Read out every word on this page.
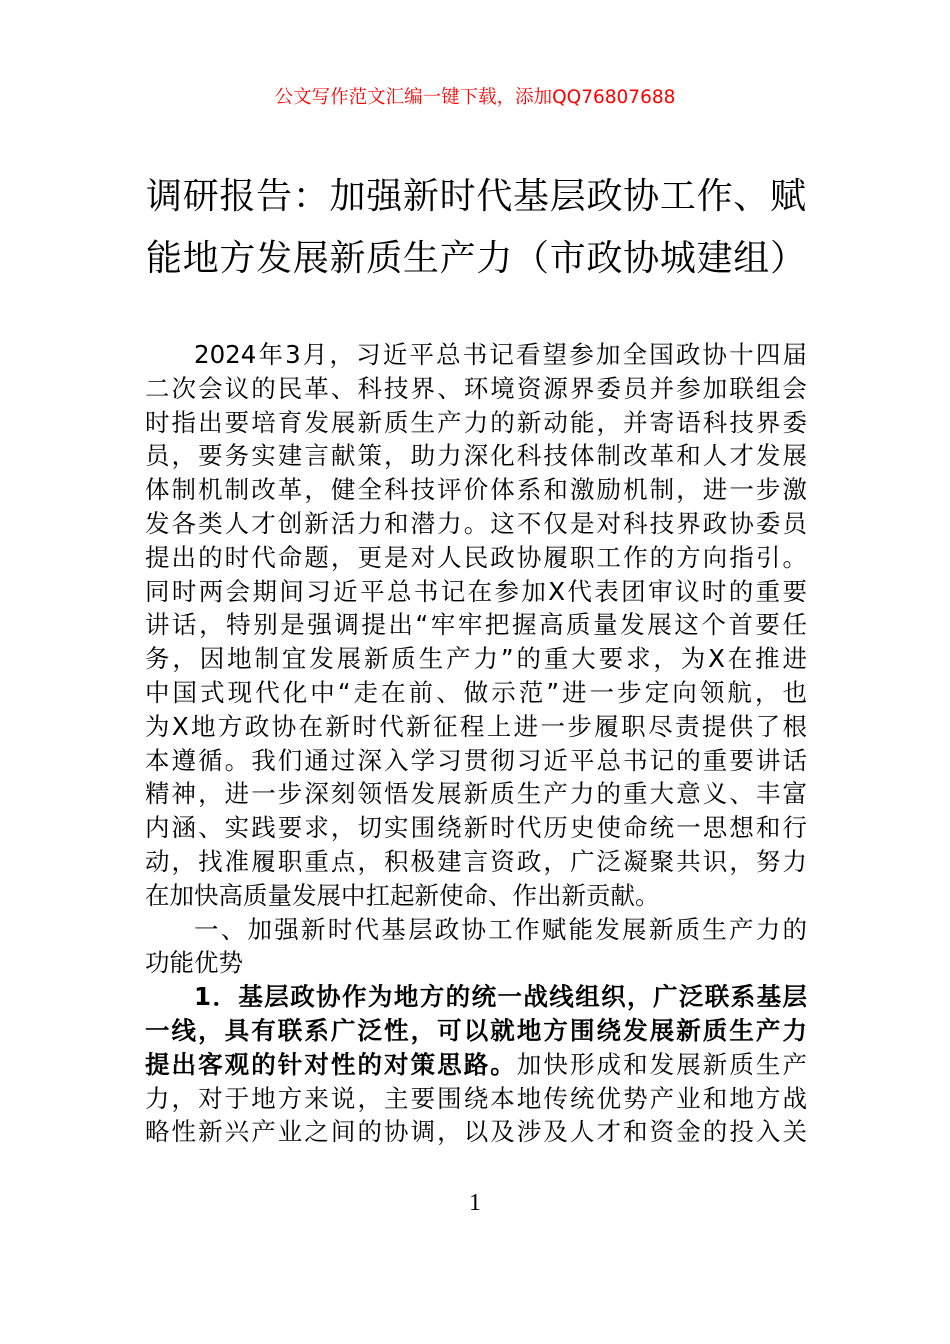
公文写作范文汇编一键下载，添加QQ76807688
调研报告：加强新时代基层政协工作、赋
能地方发展新质生产力（市政协城建组）
2024年3月，习近平总书记看望参加全国政协十四届
二次会议的民革、科技界、环境资源界委员并参加联组会
时指出要培育发展新质生产力的新动能，并寄语科技界委
员，要务实建言献策，助力深化科技体制改革和人才发展
体制机制改革，健全科技评价体系和激励机制，进一步激
发各类人才创新活力和潜力。这不仅是对科技界政协委员
提出的时代命题，更是对人民政协履职工作的方向指引。
同时两会期间习近平总书记在参加X代表团审议时的重要
讲话，特别是强调提出“牢牢把握高质量发展这个首要任
务，因地制宜发展新质生产力”的重大要求，为X在推进
中国式现代化中“走在前、做示范”进一步定向领航，也
为X地方政协在新时代新征程上进一步履职尽责提供了根
本遵循。我们通过深入学习贯彻习近平总书记的重要讲话
精神，进一步深刻领悟发展新质生产力的重大意义、丰富
内涵、实践要求，切实围绕新时代历史使命统一思想和行
动，找准履职重点，积极建言资政，广泛凝聚共识，努力
在加快高质量发展中扛起新使命、作出新贡献。
一、加强新时代基层政协工作赋能发展新质生产力的
功能优势
1．基层政协作为地方的统一战线组织，广泛联系基层
一线，具有联系广泛性，可以就地方围绕发展新质生产力
提出客观的针对性的对策思路。加快形成和发展新质生产
力，对于地方来说，主要围绕本地传统优势产业和地方战
略性新兴产业之间的协调，以及涉及人才和资金的投入关
1
